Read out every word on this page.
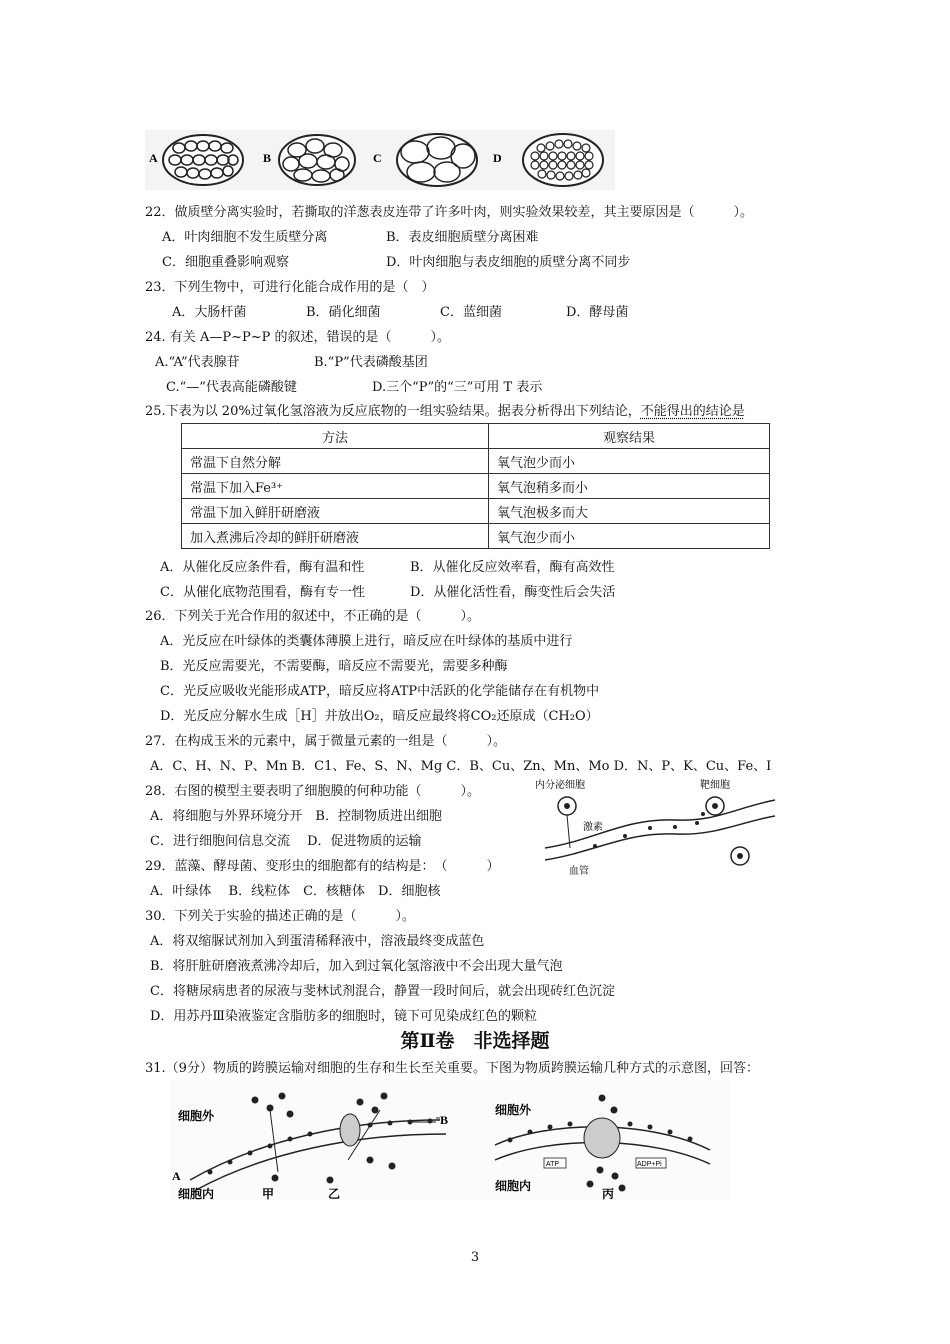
A	B	C	D
22．做质壁分离实验时，若撕取的洋葱表皮连带了许多叶肉，则实验效果较差，其主要原因是（　　　）。
A．叶肉细胞不发生质壁分离	B．表皮细胞质壁分离困难
C．细胞重叠影响观察	D．叶肉细胞与表皮细胞的质壁分离不同步
23．下列生物中，可进行化能合成作用的是（　）
A．大肠杆菌	B．硝化细菌	C．蓝细菌	D．酵母菌
24. 有关 A—P~P~P 的叙述，错误的是（　　　）。
A.“A”代表腺苷	B.“P”代表磷酸基团
C.“—”代表高能磷酸键	D.三个“P”的“三”可用 T 表示
25.下表为以 20%过氧化氢溶液为反应底物的一组实验结果。据表分析得出下列结论，不能得出的结论是
方法	观察结果
常温下自然分解	氧气泡少而小
常温下加入Fe³⁺	氧气泡稍多而小
常温下加入鲜肝研磨液	氧气泡极多而大
加入煮沸后冷却的鲜肝研磨液	氧气泡少而小
A．从催化反应条件看，酶有温和性	B．从催化反应效率看，酶有高效性
C．从催化底物范围看，酶有专一性	D．从催化活性看，酶变性后会失活
26．下列关于光合作用的叙述中，不正确的是（　　　）。
A．光反应在叶绿体的类囊体薄膜上进行，暗反应在叶绿体的基质中进行
B．光反应需要光，不需要酶，暗反应不需要光，需要多种酶
C．光反应吸收光能形成ATP，暗反应将ATP中活跃的化学能储存在有机物中
D．光反应分解水生成［H］并放出O₂，暗反应最终将CO₂还原成（CH₂O）
27．在构成玉米的元素中，属于微量元素的一组是（　　　）。
A．C、H、N、P、Mn B．C1、Fe、S、N、Mg C．B、Cu、Zn、Mn、Mo D．N、P、K、Cu、Fe、I
28．右图的模型主要表明了细胞膜的何种功能（　　　）。
A．将细胞与外界环境分开　B．控制物质进出细胞
C．进行细胞间信息交流　 D．促进物质的运输
内分泌细胞	靶细胞
激素
血管
29．蓝藻、酵母菌、变形虫的细胞都有的结构是：　（　　　）
A．叶绿体　 B．线粒体　C．核糖体　D．细胞核
30．下列关于实验的描述正确的是（　　　）。
A．将双缩脲试剂加入到蛋清稀释液中，溶液最终变成蓝色
B．将肝脏研磨液煮沸冷却后，加入到过氧化氢溶液中不会出现大量气泡
C．将糖尿病患者的尿液与斐林试剂混合，静置一段时间后，就会出现砖红色沉淀
D．用苏丹Ⅲ染液鉴定含脂肪多的细胞时，镜下可见染成红色的颗粒
第Ⅱ卷　非选择题
31.（9分）物质的跨膜运输对细胞的生存和生长至关重要。下图为物质跨膜运输几种方式的示意图，回答：
细胞外
细胞内	甲	乙
A
B
ATP	ADP+Pi
细胞外
细胞内
丙
3
